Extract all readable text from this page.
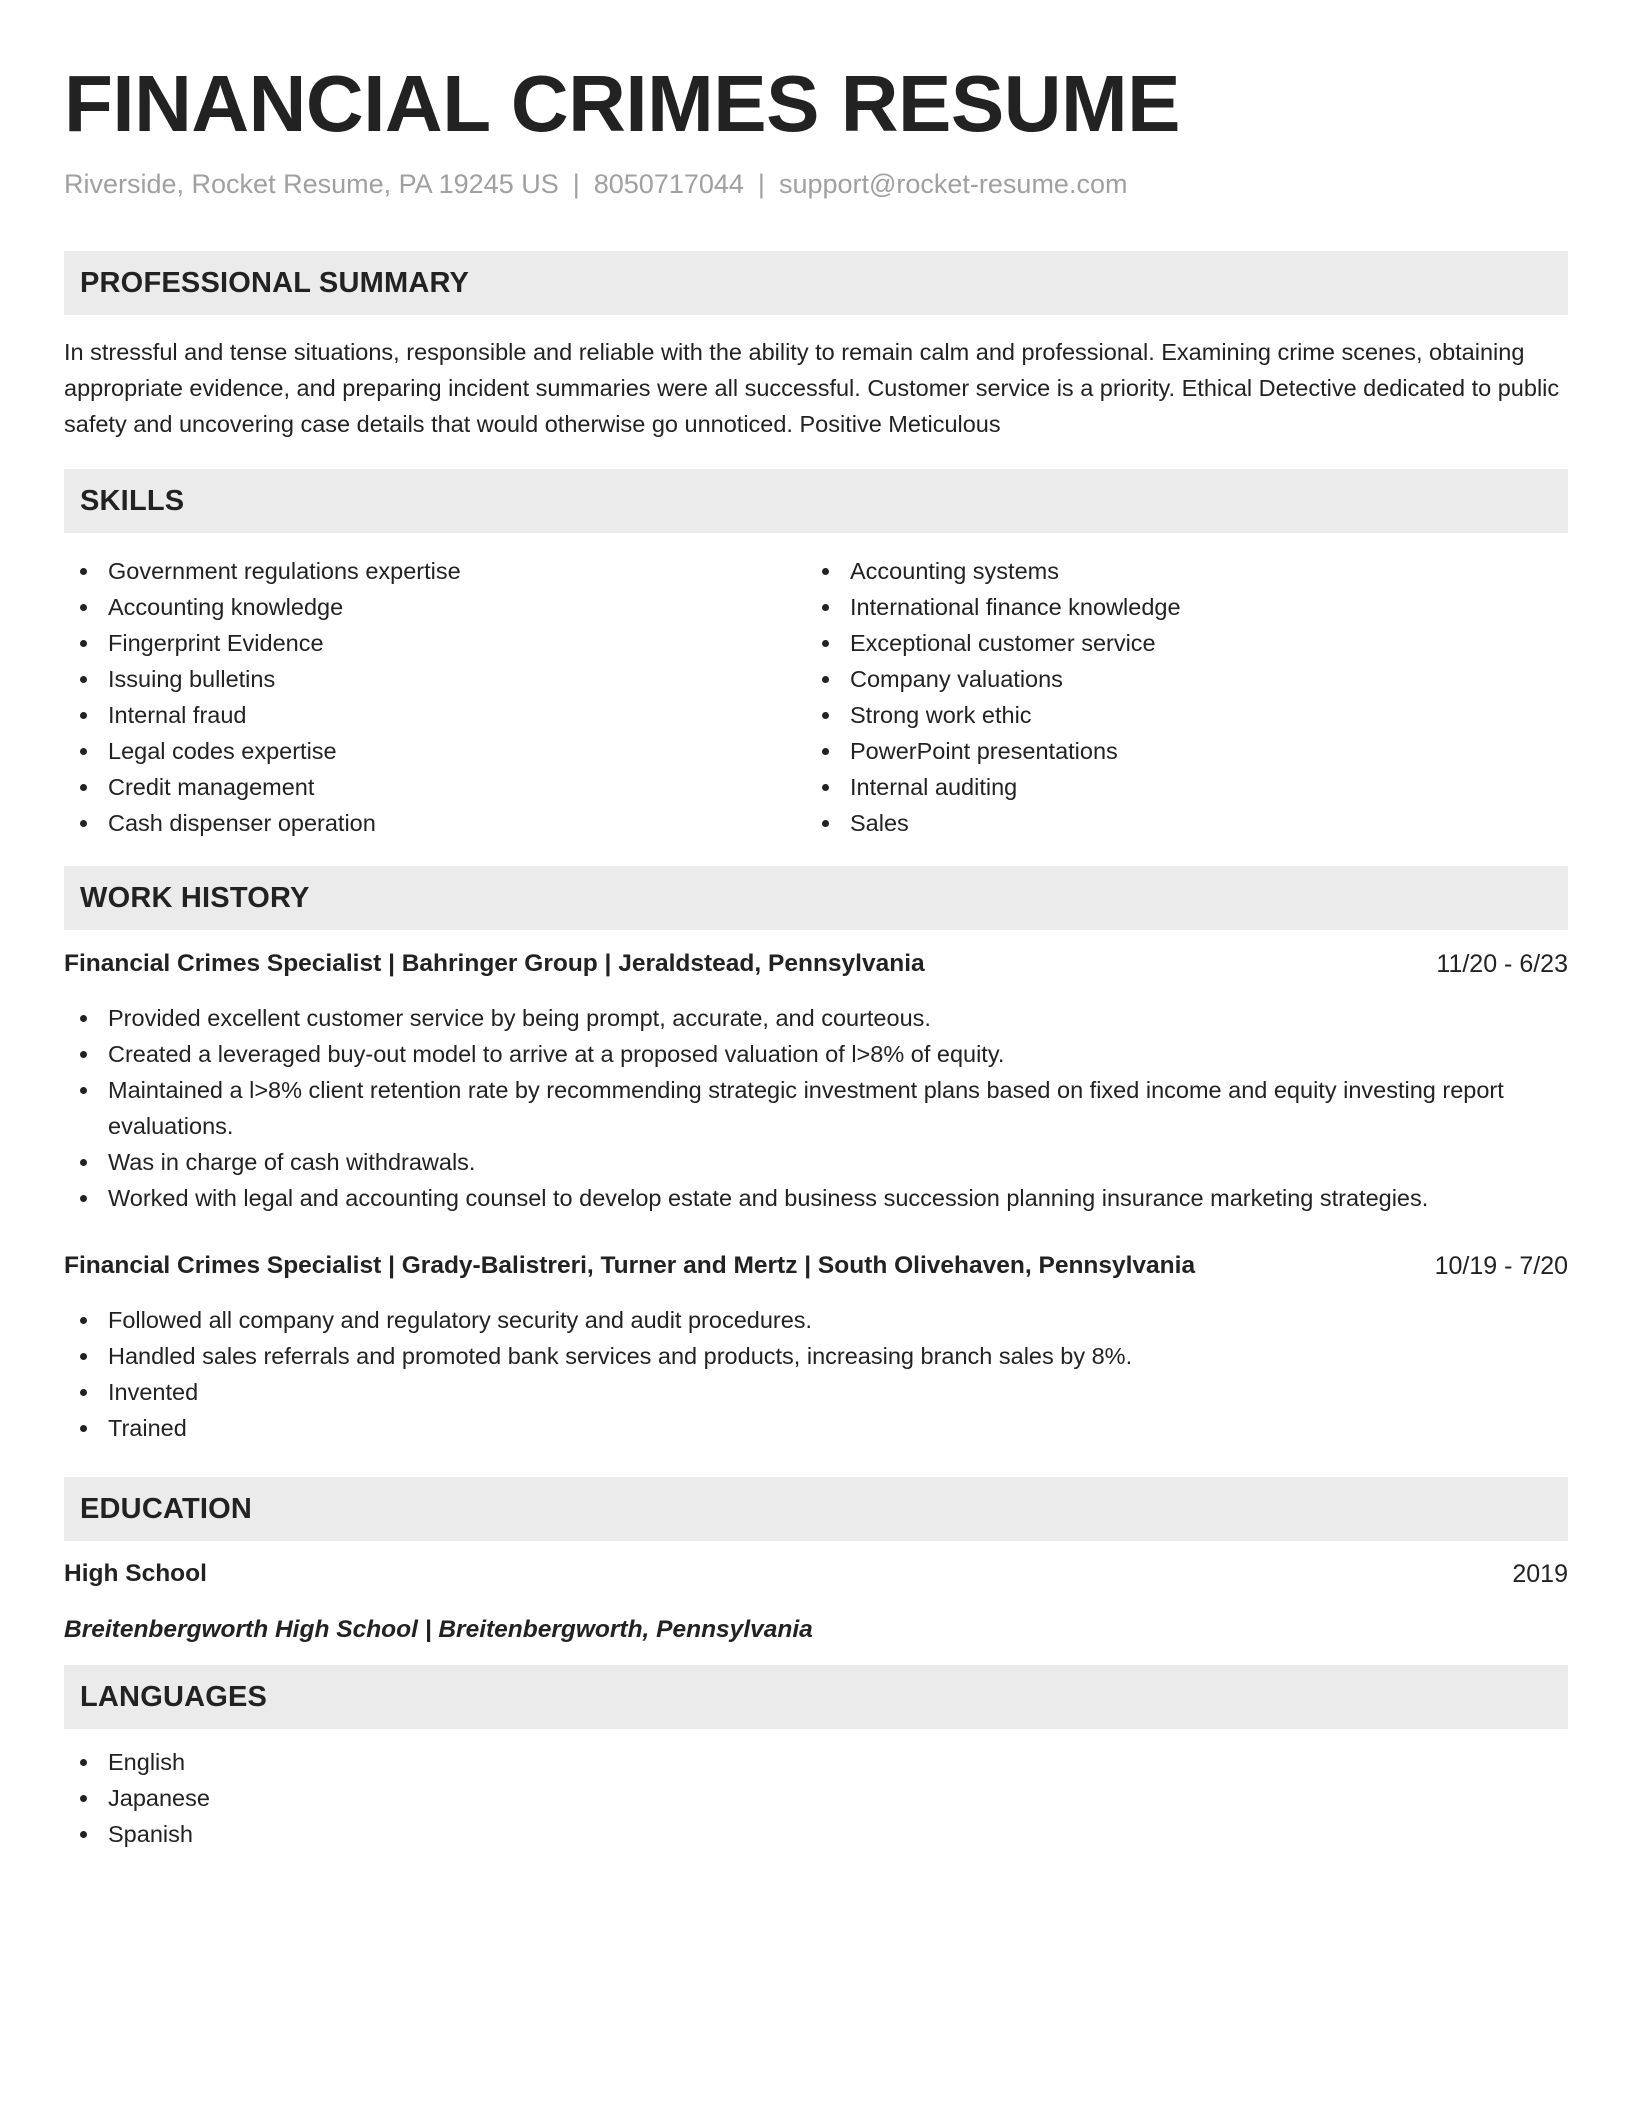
FINANCIAL CRIMES RESUME
Riverside, Rocket Resume, PA 19245 US | 8050717044 | support@rocket-resume.com
PROFESSIONAL SUMMARY
In stressful and tense situations, responsible and reliable with the ability to remain calm and professional. Examining crime scenes, obtaining appropriate evidence, and preparing incident summaries were all successful. Customer service is a priority. Ethical Detective dedicated to public safety and uncovering case details that would otherwise go unnoticed. Positive Meticulous
SKILLS
Government regulations expertise
Accounting knowledge
Fingerprint Evidence
Issuing bulletins
Internal fraud
Legal codes expertise
Credit management
Cash dispenser operation
Accounting systems
International finance knowledge
Exceptional customer service
Company valuations
Strong work ethic
PowerPoint presentations
Internal auditing
Sales
WORK HISTORY
Financial Crimes Specialist | Bahringer Group | Jeraldstead, Pennsylvania	11/20 - 6/23
Provided excellent customer service by being prompt, accurate, and courteous.
Created a leveraged buy-out model to arrive at a proposed valuation of l>8% of equity.
Maintained a l>8% client retention rate by recommending strategic investment plans based on fixed income and equity investing report evaluations.
Was in charge of cash withdrawals.
Worked with legal and accounting counsel to develop estate and business succession planning insurance marketing strategies.
Financial Crimes Specialist | Grady-Balistreri, Turner and Mertz | South Olivehaven, Pennsylvania	10/19 - 7/20
Followed all company and regulatory security and audit procedures.
Handled sales referrals and promoted bank services and products, increasing branch sales by 8%.
Invented
Trained
EDUCATION
High School	2019
Breitenbergworth High School | Breitenbergworth, Pennsylvania
LANGUAGES
English
Japanese
Spanish
